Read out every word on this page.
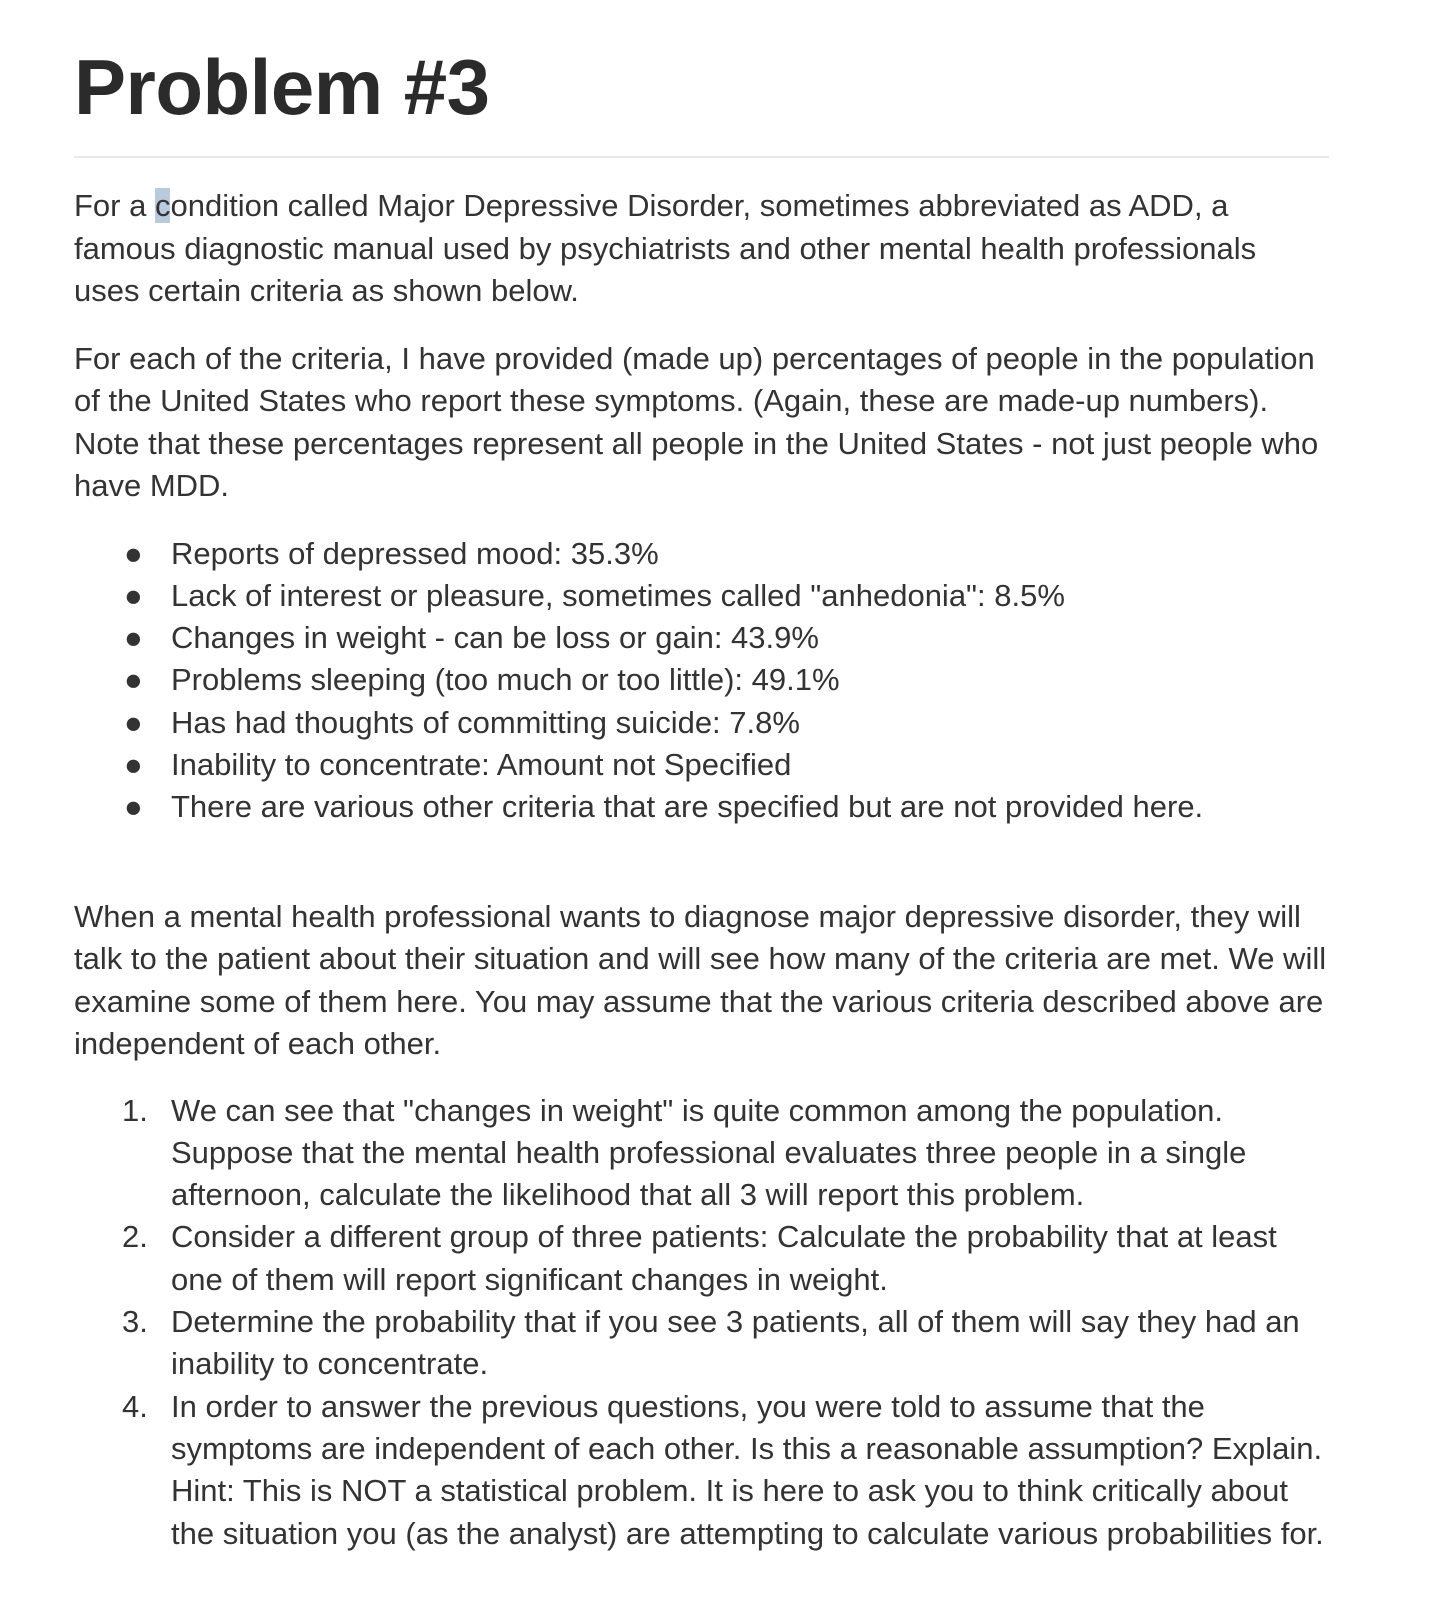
Problem #3

For a condition called Major Depressive Disorder, sometimes abbreviated as ADD, a famous diagnostic manual used by psychiatrists and other mental health professionals uses certain criteria as shown below.

For each of the criteria, I have provided (made up) percentages of people in the population of the United States who report these symptoms. (Again, these are made-up numbers). Note that these percentages represent all people in the United States - not just people who have MDD.

● Reports of depressed mood: 35.3%
● Lack of interest or pleasure, sometimes called "anhedonia": 8.5%
● Changes in weight - can be loss or gain: 43.9%
● Problems sleeping (too much or too little): 49.1%
● Has had thoughts of committing suicide: 7.8%
● Inability to concentrate: Amount not Specified
● There are various other criteria that are specified but are not provided here.

When a mental health professional wants to diagnose major depressive disorder, they will talk to the patient about their situation and will see how many of the criteria are met. We will examine some of them here. You may assume that the various criteria described above are independent of each other.

1. We can see that "changes in weight" is quite common among the population. Suppose that the mental health professional evaluates three people in a single afternoon, calculate the likelihood that all 3 will report this problem.
2. Consider a different group of three patients: Calculate the probability that at least one of them will report significant changes in weight.
3. Determine the probability that if you see 3 patients, all of them will say they had an inability to concentrate.
4. In order to answer the previous questions, you were told to assume that the symptoms are independent of each other. Is this a reasonable assumption? Explain. Hint: This is NOT a statistical problem. It is here to ask you to think critically about the situation you (as the analyst) are attempting to calculate various probabilities for.
